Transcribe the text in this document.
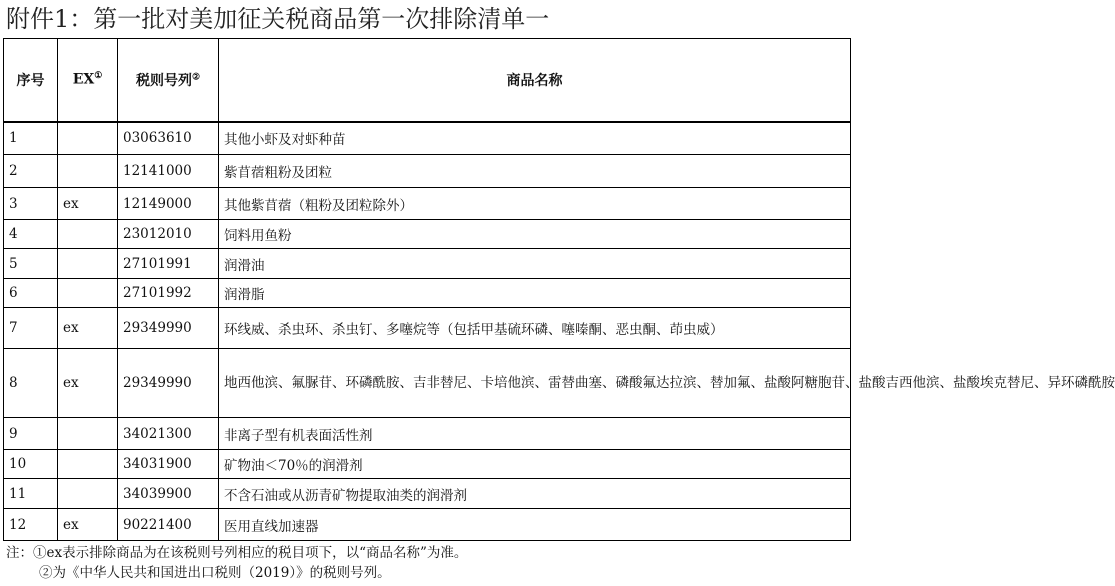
附件1：第一批对美加征关税商品第一次排除清单一
序号	EX①	税则号列②	商品名称
1		03063610	其他小虾及对虾种苗
2		12141000	紫苜蓿粗粉及团粒
3	ex	12149000	其他紫苜蓿（粗粉及团粒除外）
4		23012010	饲料用鱼粉
5		27101991	润滑油
6		27101992	润滑脂
7	ex	29349990	环线威、杀虫环、杀虫钉、多噻烷等（包括甲基硫环磷、噻嗪酮、恶虫酮、茚虫威）
8	ex	29349990	地西他滨、氟脲苷、环磷酰胺、吉非替尼、卡培他滨、雷替曲塞、磷酸氟达拉滨、替加氟、盐酸阿糖胞苷、盐酸吉西他滨、盐酸埃克替尼、异环磷酰胺
9		34021300	非离子型有机表面活性剂
10		34031900	矿物油＜70％的润滑剂
11		34039900	不含石油或从沥青矿物提取油类的润滑剂
12	ex	90221400	医用直线加速器
注：①ex表示排除商品为在该税则号列相应的税目项下，以“商品名称”为准。
②为《中华人民共和国进出口税则（2019）》的税则号列。
